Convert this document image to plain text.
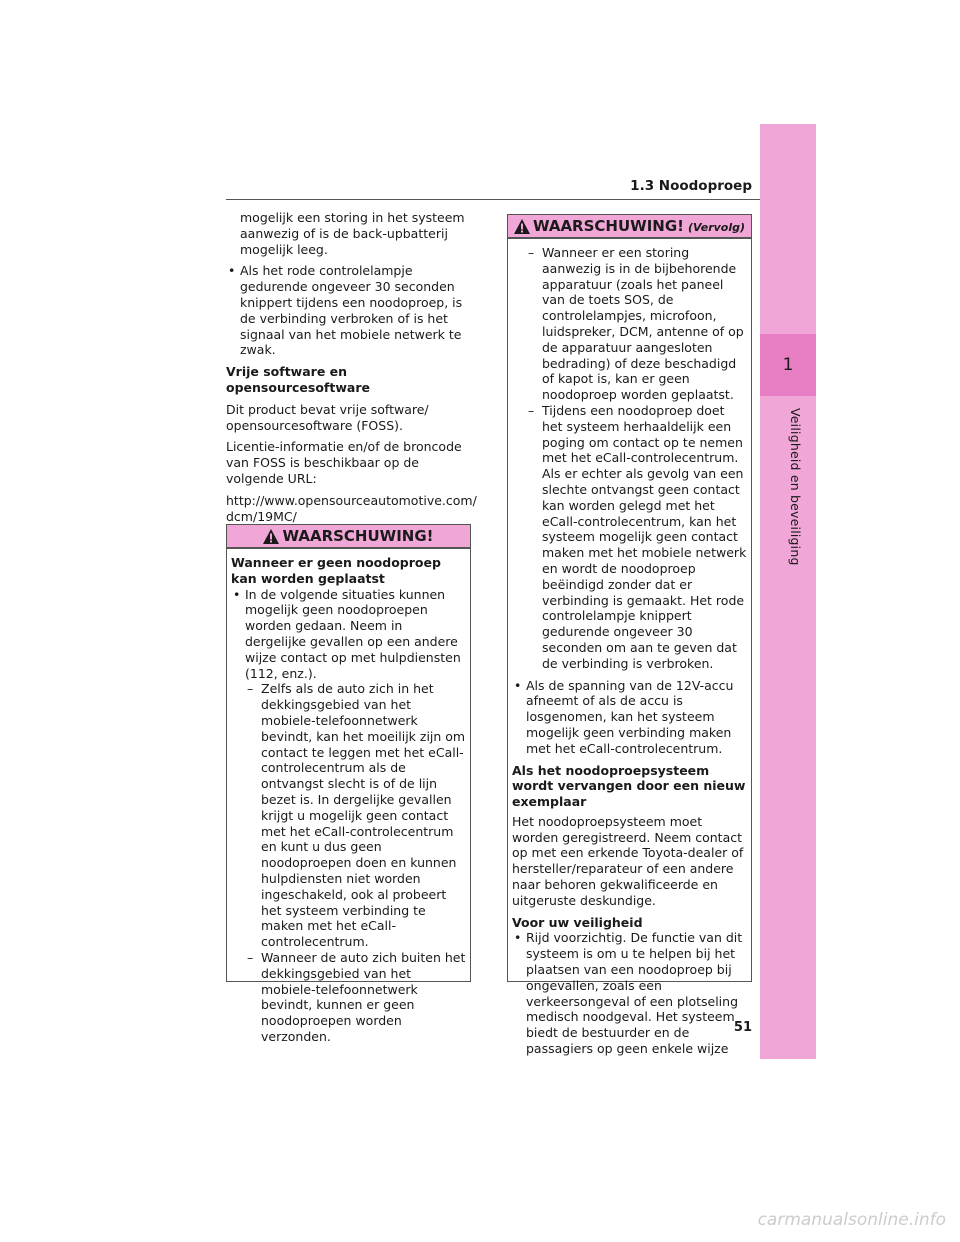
1
Veiligheid en beveiliging
1.3 Noodoproep

mogelijk een storing in het systeem aanwezig of is de back-upbatterij mogelijk leeg.

• Als het rode controlelampje gedurende ongeveer 30 seconden knippert tijdens een noodoproep, is de verbinding verbroken of is het signaal van het mobiele netwerk te zwak.

Vrije software en opensourcesoftware

Dit product bevat vrije software/ opensourcesoftware (FOSS).

Licentie-informatie en/of de broncode van FOSS is beschikbaar op de volgende URL:

http://www.opensourceautomotive.com/ dcm/19MC/

WAARSCHUWING!
Wanneer er geen noodoproep kan worden geplaatst
• In de volgende situaties kunnen mogelijk geen noodoproepen worden gedaan. Neem in dergelijke gevallen op een andere wijze contact op met hulpdiensten (112, enz.).
– Zelfs als de auto zich in het dekkingsgebied van het mobiele-telefoonnetwerk bevindt, kan het moeilijk zijn om contact te leggen met het eCall-controlecentrum als de ontvangst slecht is of de lijn bezet is. In dergelijke gevallen krijgt u mogelijk geen contact met het eCall-controlecentrum en kunt u dus geen noodoproepen doen en kunnen hulpdiensten niet worden ingeschakeld, ook al probeert het systeem verbinding te maken met het eCall-controlecentrum.
– Wanneer de auto zich buiten het dekkingsgebied van het mobiele-telefoonnetwerk bevindt, kunnen er geen noodoproepen worden verzonden.
WAARSCHUWING! (Vervolg)
– Wanneer er een storing aanwezig is in de bijbehorende apparatuur (zoals het paneel van de toets SOS, de controlelampjes, microfoon, luidspreker, DCM, antenne of op de apparatuur aangesloten bedrading) of deze beschadigd of kapot is, kan er geen noodoproep worden geplaatst.
– Tijdens een noodoproep doet het systeem herhaaldelijk een poging om contact op te nemen met het eCall-controlecentrum. Als er echter als gevolg van een slechte ontvangst geen contact kan worden gelegd met het eCall-controlecentrum, kan het systeem mogelijk geen contact maken met het mobiele netwerk en wordt de noodoproep beëindigd zonder dat er verbinding is gemaakt. Het rode controlelampje knippert gedurende ongeveer 30 seconden om aan te geven dat de verbinding is verbroken.
• Als de spanning van de 12V-accu afneemt of als de accu is losgenomen, kan het systeem mogelijk geen verbinding maken met het eCall-controlecentrum.
Als het noodoproepsysteem wordt vervangen door een nieuw exemplaar
Het noodoproepsysteem moet worden geregistreerd. Neem contact op met een erkende Toyota-dealer of hersteller/reparateur of een andere naar behoren gekwalificeerde en uitgeruste deskundige.
Voor uw veiligheid
• Rijd voorzichtig. De functie van dit systeem is om u te helpen bij het plaatsen van een noodoproep bij ongevallen, zoals een verkeersongeval of een plotseling medisch noodgeval. Het systeem biedt de bestuurder en de passagiers op geen enkele wijze
51
carmanualsonline.info
